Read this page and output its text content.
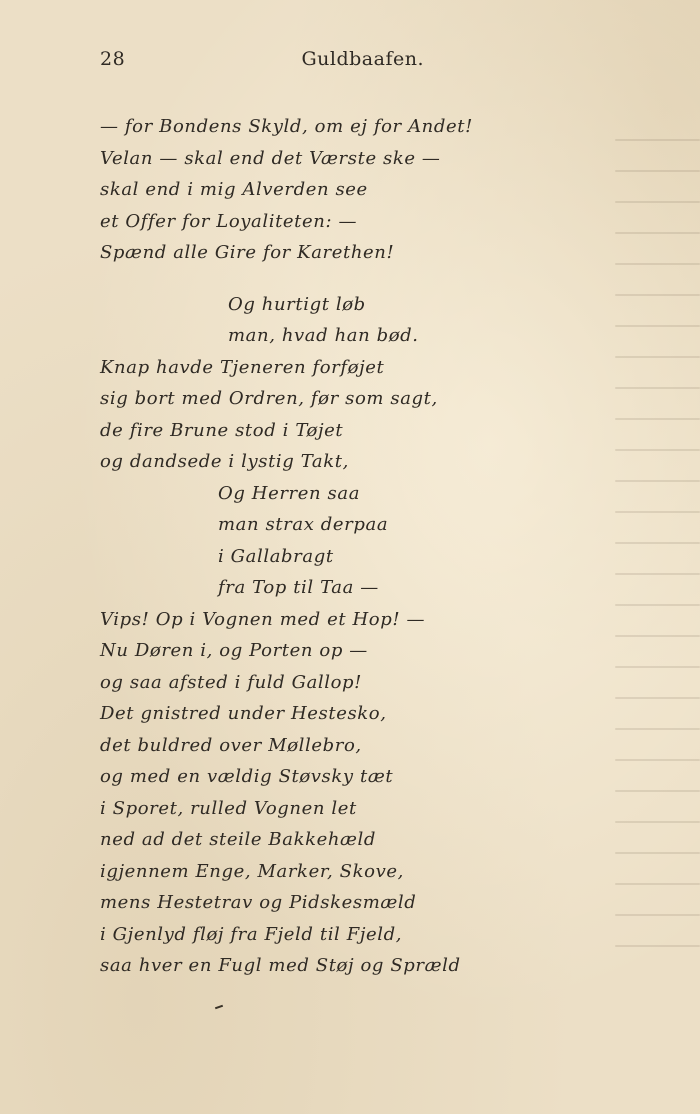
28	Guldbaafen.
— for Bondens Skyld, om ej for Andet!
Velan — skal end det Værste ske —
skal end i mig Alverden see
et Offer for Loyaliteten: —
Spænd alle Gire for Karethen!
Og hurtigt løb
man, hvad han bød.
Knap havde Tjeneren forføjet
sig bort med Ordren, før som sagt,
de fire Brune stod i Tøjet
og dandsede i lystig Takt,
Og Herren saa
man strax derpaa
i Gallabragt
fra Top til Taa —
Vips! Op i Vognen med et Hop! —
Nu Døren i, og Porten op —
og saa afsted i fuld Gallop!
Det gnistred under Hestesko,
det buldred over Møllebro,
og med en vældig Støvsky tæt
i Sporet, rulled Vognen let
ned ad det steile Bakkehæld
igjennem Enge, Marker, Skove,
mens Hestetrav og Pidskesmæld
i Gjenlyd fløj fra Fjeld til Fjeld,
saa hver en Fugl med Støj og Spræld
